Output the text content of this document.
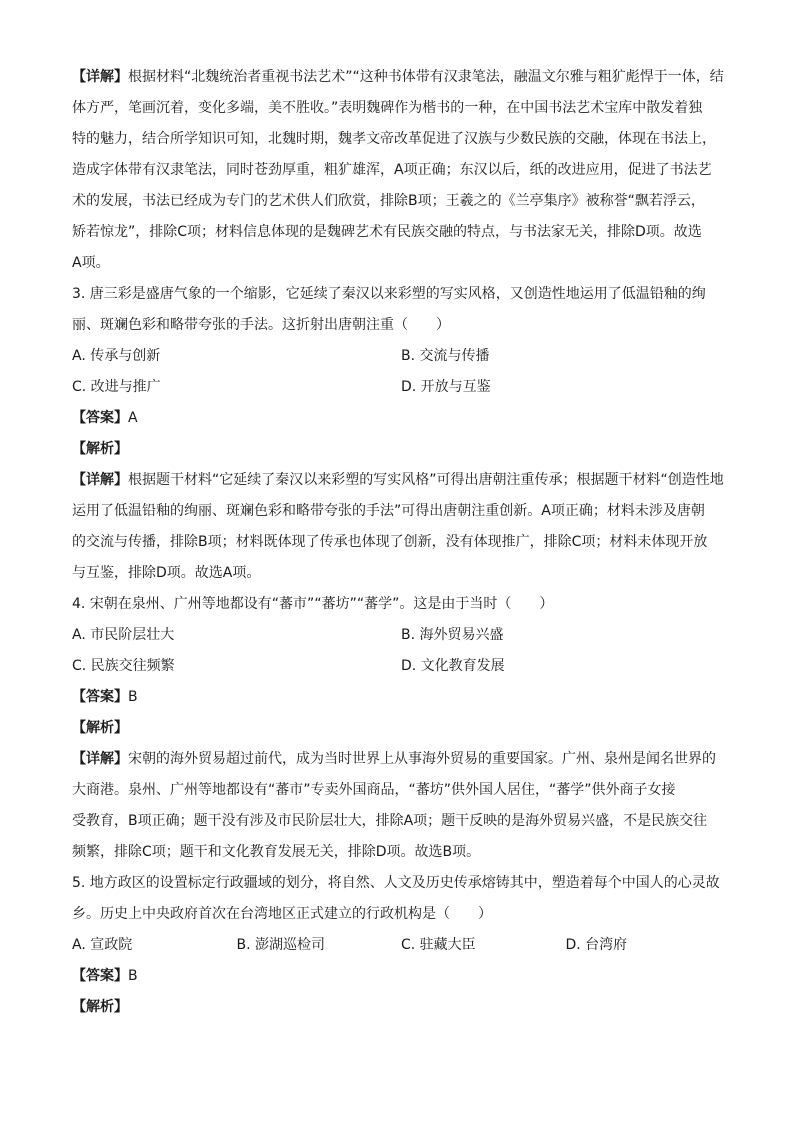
【详解】根据材料“北魏统治者重视书法艺术”“这种书体带有汉隶笔法，融温文尔雅与粗犷彪悍于一体，结
体方严，笔画沉着，变化多端，美不胜收。”表明魏碑作为楷书的一种，在中国书法艺术宝库中散发着独
特的魅力，结合所学知识可知，北魏时期，魏孝文帝改革促进了汉族与少数民族的交融，体现在书法上，
造成字体带有汉隶笔法，同时苍劲厚重，粗犷雄浑，A项正确；东汉以后，纸的改进应用，促进了书法艺
术的发展，书法已经成为专门的艺术供人们欣赏，排除B项；王羲之的《兰亭集序》被称誉“飘若浮云，
矫若惊龙”，排除C项；材料信息体现的是魏碑艺术有民族交融的特点，与书法家无关，排除D项。故选
A项。
3. 唐三彩是盛唐气象的一个缩影，它延续了秦汉以来彩塑的写实风格，又创造性地运用了低温铅釉的绚
丽、斑斓色彩和略带夸张的手法。这折射出唐朝注重（　　）
A. 传承与创新	B. 交流与传播
C. 改进与推广	D. 开放与互鉴
【答案】A
【解析】
【详解】根据题干材料“它延续了秦汉以来彩塑的写实风格”可得出唐朝注重传承；根据题干材料“创造性地
运用了低温铅釉的绚丽、斑斓色彩和略带夸张的手法”可得出唐朝注重创新。A项正确；材料未涉及唐朝
的交流与传播，排除B项；材料既体现了传承也体现了创新，没有体现推广，排除C项；材料未体现开放
与互鉴，排除D项。故选A项。
4. 宋朝在泉州、广州等地都设有“蕃市”“蕃坊”“蕃学”。这是由于当时（　　）
A. 市民阶层壮大	B. 海外贸易兴盛
C. 民族交往频繁	D. 文化教育发展
【答案】B
【解析】
【详解】宋朝的海外贸易超过前代，成为当时世界上从事海外贸易的重要国家。广州、泉州是闻名世界的
大商港。泉州、广州等地都设有“蕃市”专卖外国商品，“蕃坊”供外国人居住，“蕃学”供外商子女接
受教育，B项正确；题干没有涉及市民阶层壮大，排除A项；题干反映的是海外贸易兴盛，不是民族交往
频繁，排除C项；题干和文化教育发展无关，排除D项。故选B项。
5. 地方政区的设置标定行政疆域的划分，将自然、人文及历史传承熔铸其中，塑造着每个中国人的心灵故
乡。历史上中央政府首次在台湾地区正式建立的行政机构是（　　）
A. 宣政院	B. 澎湖巡检司	C. 驻藏大臣	D. 台湾府
【答案】B
【解析】
